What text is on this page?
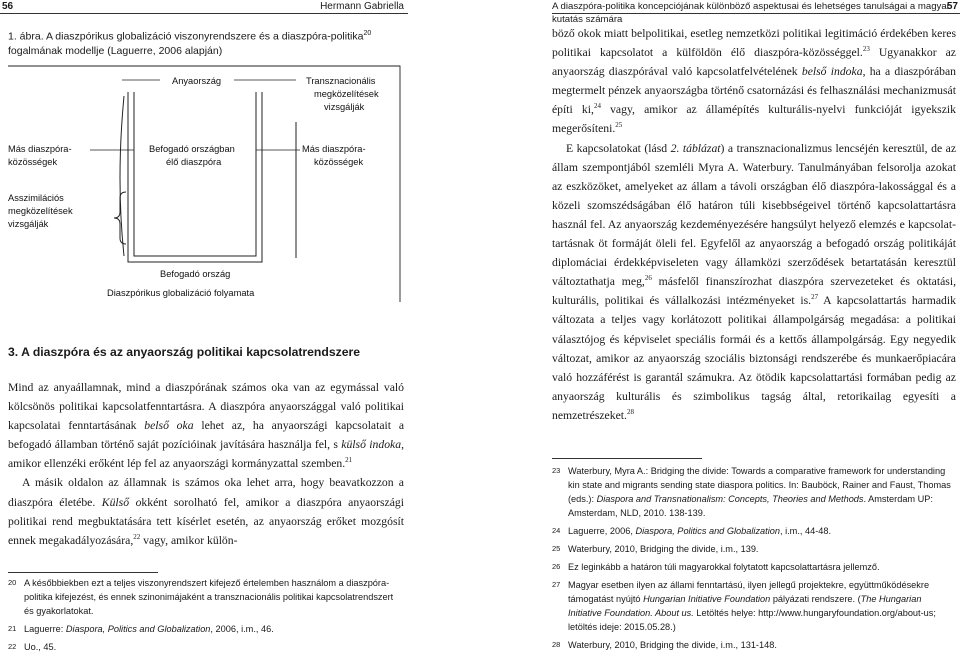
56	Hermann Gabriella
1. ábra. A diaszpórikus globalizáció viszonyrendszere és a diaszpóra-politika$^{20}$
fogalmának modellje (Laguerre, 2006 alapján)
Anyaország	Transznacionális
megközelítések
vizsgálják
Más diaszpóra-
közösségek
Befogadó országban
élő diaszpóra
Más diaszpóra-
közösségek
Asszimilációs
megközelítések
vizsgálják
Befogadó ország
Diaszpórikus globalizáció folyamata
3. A diaszpóra és az anyaország politikai kapcsolatrendszere

Mind az anyaállamnak, mind a diaszpórának számos oka van az egymással való kölcsönös politikai kapcsolatfenntartásra. A diaszpóra anyaországgal való politikai kapcsolatai fenntartásának belső oka lehet az, ha anyaországi kapcsolatait a befogadó államban történő saját pozícióinak javítására használja fel, s külső indoka, amikor ellenzéki erőként lép fel az anyaországi kormányzattal szemben.$^{21}$

A másik oldalon az államnak is számos oka lehet arra, hogy beavatkozzon a diaszpóra életébe. Külső okként sorolható fel, amikor a diaszpóra anyaországi politikai rend megbuktatására tett kísérlet esetén, az anyaország erőket mozgósít ennek megakadályozására,$^{22}$ vagy, amikor külön-

20 A későbbiekben ezt a teljes viszonyrendszert kifejező értelemben használom a diaszpóra-politika kifejezést, és ennek szinonimájaként a transznacionális politikai kapcsolatrendszert és gyakorlatokat.
21 Laguerre: Diaspora, Politics and Globalization, 2006, i.m., 46.
22 Uo., 45.
A diaszpóra-politika koncepciójának különböző aspektusai és lehetséges tanulságai a magyar kutatás számára
57

böző okok miatt belpolitikai, esetleg nemzetközi politikai legitimáció érdekében keres politikai kapcsolatot a külföldön élő diaszpóra-közösséggel.$^{23}$ Ugyanakkor az anyaország diaszpórával való kapcsolatfelvételének belső indoka, ha a diaszpórában megtermelt pénzek anyaországba történő csatornázási és felhasználási mechanizmusát építi ki,$^{24}$ vagy, amikor az államépítés kulturális-nyelvi funkcióját igyekszik megerősíteni.$^{25}$

E kapcsolatokat (lásd 2. táblázat) a transznacionalizmus lencséjén keresztül, de az állam szempontjából szemléli Myra A. Waterbury. Tanulmányában felsorolja azokat az eszközöket, amelyeket az állam a távoli országban élő diaszpóra-lakossággal és a közeli szomszédságában élő határon túli kisebbségeivel történő kapcsolattartásra használ fel. Az anyaország kezdeményezésére hangsúlyt helyező elemzés e kapcsolattartásnak öt formáját öleli fel. Egyfelől az anyaország a befogadó ország politikáját diplomáciai érdekképviseleten vagy államközi szerződések betartatásán keresztül változtathatja meg,$^{26}$ másfelől finanszírozhat diaszpóra szervezeteket és oktatási, kulturális, politikai és vállalkozási intézményeket is.$^{27}$ A kapcsolattartás harmadik változata a teljes vagy korlátozott politikai állampolgárság megadása: a politikai választójog és képviselet speciális formái és a kettős állampolgárság. Egy negyedik változat, amikor az anyaország szociális biztonsági rendszerébe és munkaerőpiacára való hozzáférést is garantál számukra. Az ötödik kapcsolattartási formában pedig az anyaország kulturális és szimbolikus tagság által, retorikailag egyesíti a nemzetrészeket.$^{28}$

23 Waterbury, Myra A.: Bridging the divide: Towards a comparative framework for understanding kin state and migrants sending state diaspora politics. In: Bauböck, Rainer and Faust, Thomas (eds.): Diaspora and Transnationalism: Concepts, Theories and Methods. Amsterdam UP: Amsterdam, NLD, 2010. 138-139.
24 Laguerre, 2006, Diaspora, Politics and Globalization, i.m., 44-48.
25 Waterbury, 2010, Bridging the divide, i.m., 139.
26 Ez leginkább a határon túli magyarokkal folytatott kapcsolattartásra jellemző.
27 Magyar esetben ilyen az állami fenntartású, ilyen jellegű projektekre, együttműködésekre támogatást nyújtó Hungarian Initiative Foundation pályázati rendszere. (The Hungarian Initiative Foundation. About us. Letöltés helye: http://www.hungaryfoundation.org/about-us; letöltés ideje: 2015.05.28.)
28 Waterbury, 2010, Bridging the divide, i.m., 131-148.
